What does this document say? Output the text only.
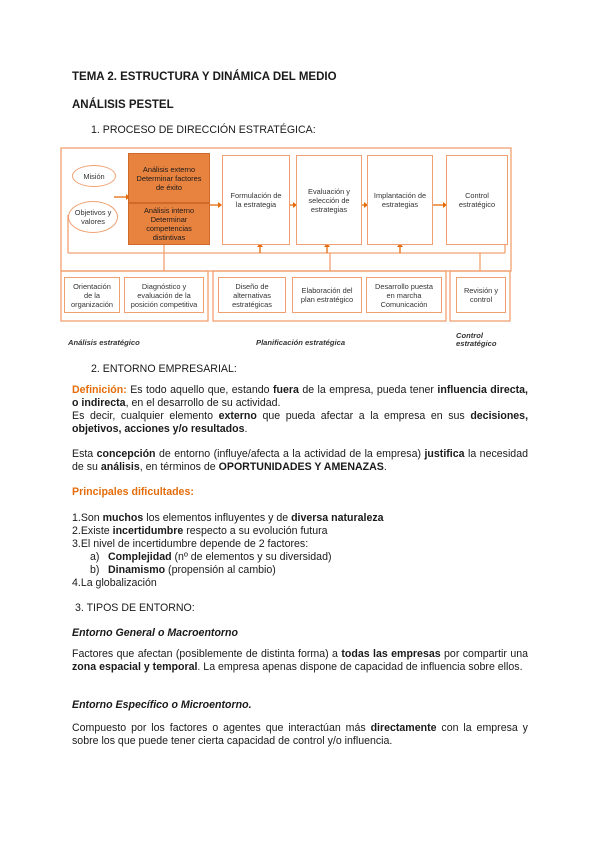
TEMA 2. ESTRUCTURA Y DINÁMICA DEL MEDIO
ANÁLISIS PESTEL
1. PROCESO DE DIRECCIÓN ESTRATÉGICA:
Misión
Objetivos y valores
Análisis externo Determinar factores de éxito
Análisis interno Determinar competencias distintivas
Formulación de la estrategia
Evaluación y selección de estrategias
Implantación de estrategias
Control estratégico
Orientación de la organización
Diagnóstico y evaluación de la posición competitiva
Diseño de alternativas estratégicas
Elaboración del plan estratégico
Desarrollo puesta en marcha Comunicación
Revisión y control
Análisis estratégico	Planificación estratégica
Control estratégico
2. ENTORNO EMPRESARIAL:
Definición: Es todo aquello que, estando fuera de la empresa, pueda tener influencia directa, o indirecta, en el desarrollo de su actividad.
Es decir, cualquier elemento externo que pueda afectar a la empresa en sus decisiones, objetivos, acciones y/o resultados.
Esta concepción de entorno (influye/afecta a la actividad de la empresa) justifica la necesidad de su análisis, en términos de OPORTUNIDADES Y AMENAZAS.
Principales dificultades:
1.Son muchos los elementos influyentes y de diversa naturaleza
2.Existe incertidumbre respecto a su evolución futura
3.El nivel de incertidumbre depende de 2 factores:
a) Complejidad (nº de elementos y su diversidad)
b) Dinamismo (propensión al cambio)
4.La globalización
3. TIPOS DE ENTORNO:
Entorno General o Macroentorno
Factores que afectan (posiblemente de distinta forma) a todas las empresas por compartir una zona espacial y temporal. La empresa apenas dispone de capacidad de influencia sobre ellos.
Entorno Específico o Microentorno.
Compuesto por los factores o agentes que interactúan más directamente con la empresa y sobre los que puede tener cierta capacidad de control y/o influencia.
